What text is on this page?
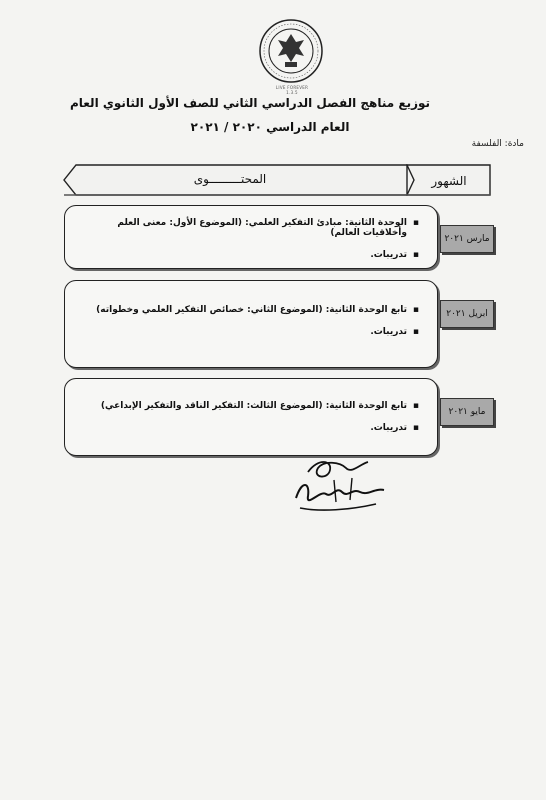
LIVE FOREVER 1.3.5
توزيع مناهج الفصل الدراسي الثاني للصف الأول الثانوي العام
العام الدراسي ٢٠٢٠ / ٢٠٢١
مادة: الفلسفة
المحتـــــــــوى	الشهور
▪ الوحدة الثانية: مبادئ التفكير العلمي: (الموضوع الأول: معنى العلم وأخلاقيات العالم)
▪ تدريبات.
مارس ٢٠٢١
▪ تابع الوحدة الثانية: (الموضوع الثاني: خصائص التفكير العلمي وخطواته)
▪ تدريبات.
ابريل ٢٠٢١
▪ تابع الوحدة الثانية: (الموضوع الثالث: التفكير الناقد والتفكير الإبداعي)
▪ تدريبات.
مايو ٢٠٢١
